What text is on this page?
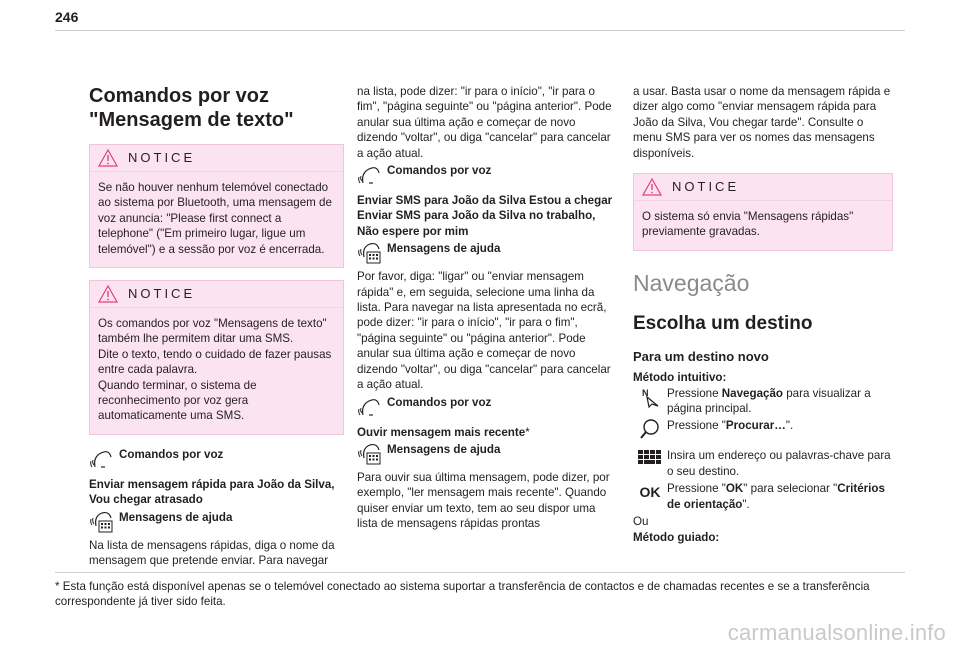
246
Comandos por voz
"Mensagem de texto"
NOTICE

Se não houver nenhum telemóvel conectado ao sistema por Bluetooth, uma mensagem de voz anuncia: "Please first connect a telephone" ("Em primeiro lugar, ligue um telemóvel") e a sessão por voz é encerrada.

NOTICE

Os comandos por voz "Mensagens de texto" também lhe permitem ditar uma SMS.

Dite o texto, tendo o cuidado de fazer pausas entre cada palavra.

Quando terminar, o sistema de reconhecimento por voz gera automaticamente uma SMS.

Comandos por voz
Enviar mensagem rápida para João da Silva, Vou chegar atrasado
Mensagens de ajuda

Na lista de mensagens rápidas, diga o nome da mensagem que pretende enviar. Para navegar

na lista, pode dizer: "ir para o início", "ir para o fim", "página seguinte" ou "página anterior". Pode anular sua última ação e começar de novo dizendo "voltar", ou diga "cancelar" para cancelar a ação atual.

Comandos por voz
Enviar SMS para João da Silva Estou a chegar
Enviar SMS para João da Silva no trabalho, Não espere por mim
Mensagens de ajuda

Por favor, diga: "ligar" ou "enviar mensagem rápida" e, em seguida, selecione uma linha da lista. Para navegar na lista apresentada no ecrã, pode dizer: "ir para o início", "ir para o fim", "página seguinte" ou "página anterior". Pode anular sua última ação e começar de novo dizendo "voltar", ou diga "cancelar" para cancelar a ação atual.

Comandos por voz
Ouvir mensagem mais recente*
Mensagens de ajuda

Para ouvir sua última mensagem, pode dizer, por exemplo, "ler mensagem mais recente". Quando quiser enviar um texto, tem ao seu dispor uma lista de mensagens rápidas prontas

a usar. Basta usar o nome da mensagem rápida e dizer algo como "enviar mensagem rápida para João da Silva, Vou chegar tarde". Consulte o menu SMS para ver os nomes das mensagens disponíveis.

NOTICE

O sistema só envia "Mensagens rápidas" previamente gravadas.

Navegação
Escolha um destino
Para um destino novo
Método intuitivo:
N Pressione Navegação para visualizar a página principal.
Pressione "Procurar…".
Insira um endereço ou palavras-chave para o seu destino.
OK Pressione "OK" para selecionar "Critérios de orientação".
Ou
Método guiado:
* Esta função está disponível apenas se o telemóvel conectado ao sistema suportar a transferência de contactos e de chamadas recentes e se a transferência correspondente já tiver sido feita.
carmanualsonline.info
